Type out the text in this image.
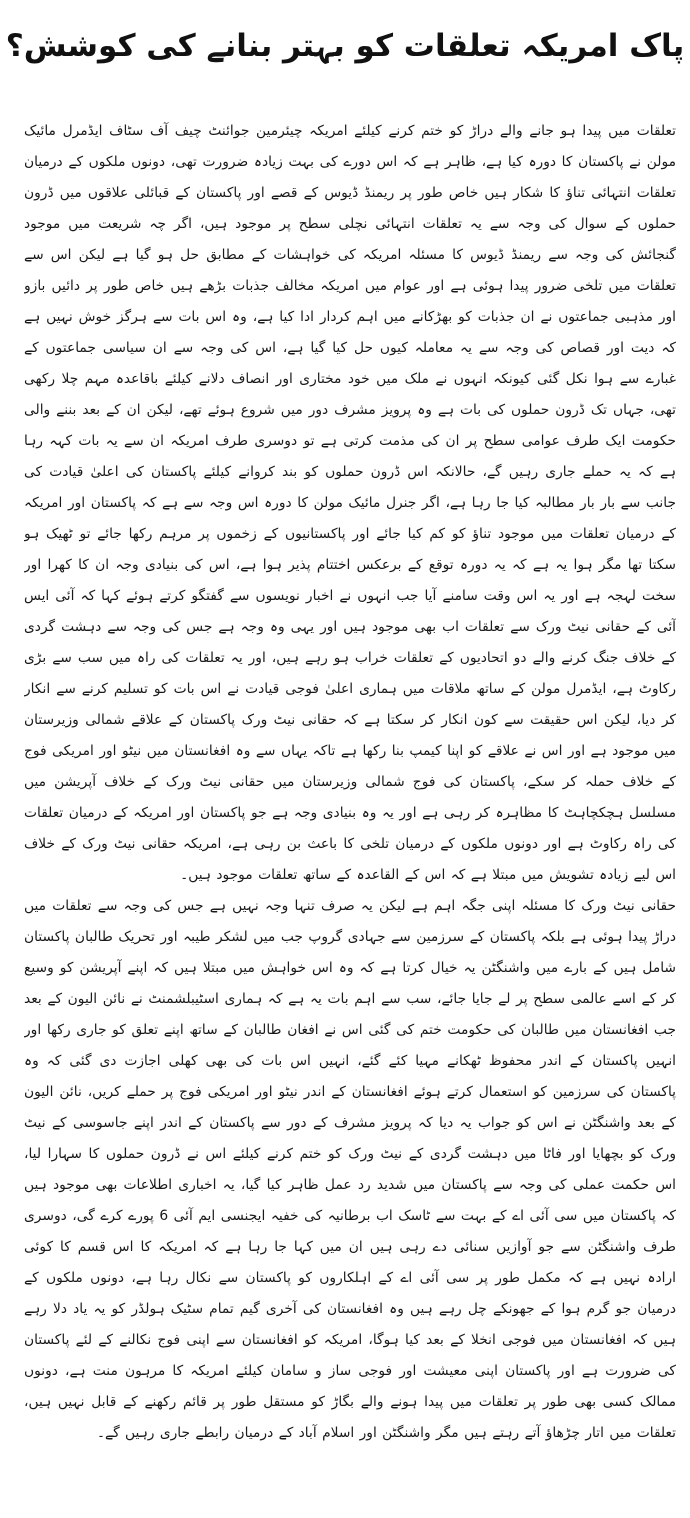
پاک امریکہ تعلقات کو بہتر بنانے کی کوشش؟

تعلقات میں پیدا ہو جانے والے دراڑ کو ختم کرنے کیلئے امریکہ چیئرمین جوائنٹ چیف آف سٹاف ایڈمرل مائیک مولن نے پاکستان کا دورہ کیا ہے، ظاہر ہے کہ اس دورے کی بہت زیادہ ضرورت تھی، دونوں ملکوں کے درمیان تعلقات انتہائی تناؤ کا شکار ہیں خاص طور پر ریمنڈ ڈیوس کے قصے اور پاکستان کے قبائلی علاقوں میں ڈرون حملوں کے سوال کی وجہ سے یہ تعلقات انتہائی نچلی سطح پر موجود ہیں، اگر چہ شریعت میں موجود گنجائش کی وجہ سے ریمنڈ ڈیوس کا مسئلہ امریکہ کی خواہشات کے مطابق حل ہو گیا ہے لیکن اس سے تعلقات میں تلخی ضرور پیدا ہوئی ہے اور عوام میں امریکہ مخالف جذبات بڑھے ہیں خاص طور پر دائیں بازو اور مذہبی جماعتوں نے ان جذبات کو بھڑکانے میں اہم کردار ادا کیا ہے، وہ اس بات سے ہرگز خوش نہیں ہے کہ دیت اور قصاص کی وجہ سے یہ معاملہ کیوں حل کیا گیا ہے، اس کی وجہ سے ان سیاسی جماعتوں کے غبارے سے ہوا نکل گئی کیونکہ انہوں نے ملک میں خود مختاری اور انصاف دلانے کیلئے باقاعدہ مہم چلا رکھی تھی، جہاں تک ڈرون حملوں کی بات ہے وہ پرویز مشرف دور میں شروع ہوئے تھے، لیکن ان کے بعد بننے والی حکومت ایک طرف عوامی سطح پر ان کی مذمت کرتی ہے تو دوسری طرف امریکہ ان سے یہ بات کہہ رہا ہے کہ یہ حملے جاری رہیں گے، حالانکہ اس ڈرون حملوں کو بند کروانے کیلئے پاکستان کی اعلیٰ قیادت کی جانب سے بار بار مطالبہ کیا جا رہا ہے، اگر جنرل مائیک مولن کا دورہ اس وجہ سے ہے کہ پاکستان اور امریکہ کے درمیان تعلقات میں موجود تناؤ کو کم کیا جائے اور پاکستانیوں کے زخموں پر مرہم رکھا جائے تو ٹھیک ہو سکتا تھا مگر ہوا یہ ہے کہ یہ دورہ توقع کے برعکس اختتام پذیر ہوا ہے، اس کی بنیادی وجہ ان کا کھرا اور سخت لہجہ ہے اور یہ اس وقت سامنے آیا جب انہوں نے اخبار نویسوں سے گفتگو کرتے ہوئے کہا کہ آئی ایس آئی کے حقانی نیٹ ورک سے تعلقات اب بھی موجود ہیں اور یہی وہ وجہ ہے جس کی وجہ سے دہشت گردی کے خلاف جنگ کرنے والے دو اتحادیوں کے تعلقات خراب ہو رہے ہیں، اور یہ تعلقات کی راہ میں سب سے بڑی رکاوٹ ہے، ایڈمرل مولن کے ساتھ ملاقات میں ہماری اعلیٰ فوجی قیادت نے اس بات کو تسلیم کرنے سے انکار کر دیا، لیکن اس حقیقت سے کون انکار کر سکتا ہے کہ حقانی نیٹ ورک پاکستان کے علاقے شمالی وزیرستان میں موجود ہے اور اس نے علاقے کو اپنا کیمپ بنا رکھا ہے تاکہ یہاں سے وہ افغانستان میں نیٹو اور امریکی فوج کے خلاف حملہ کر سکے، پاکستان کی فوج شمالی وزیرستان میں حقانی نیٹ ورک کے خلاف آپریشن میں مسلسل ہچکچاہٹ کا مظاہرہ کر رہی ہے اور یہ وہ بنیادی وجہ ہے جو پاکستان اور امریکہ کے درمیان تعلقات کی راہ رکاوٹ ہے اور دونوں ملکوں کے درمیان تلخی کا باعث بن رہی ہے، امریکہ حقانی نیٹ ورک کے خلاف اس لیے زیادہ تشویش میں مبتلا ہے کہ اس کے القاعدہ کے ساتھ تعلقات موجود ہیں۔

حقانی نیٹ ورک کا مسئلہ اپنی جگہ اہم ہے لیکن یہ صرف تنہا وجہ نہیں ہے جس کی وجہ سے تعلقات میں دراڑ پیدا ہوئی ہے بلکہ پاکستان کے سرزمین سے جہادی گروپ جب میں لشکر طیبہ اور تحریک طالبان پاکستان شامل ہیں کے بارے میں واشنگٹن یہ خیال کرتا ہے کہ وہ اس خواہش میں مبتلا ہیں کہ اپنے آپریشن کو وسیع کر کے اسے عالمی سطح پر لے جایا جائے، سب سے اہم بات یہ ہے کہ ہماری اسٹیبلشمنٹ نے نائن الیون کے بعد جب افغانستان میں طالبان کی حکومت ختم کی گئی اس نے افغان طالبان کے ساتھ اپنے تعلق کو جاری رکھا اور انہیں پاکستان کے اندر محفوظ ٹھکانے مہیا کئے گئے، انہیں اس بات کی بھی کھلی اجازت دی گئی کہ وہ پاکستان کی سرزمین کو استعمال کرتے ہوئے افغانستان کے اندر نیٹو اور امریکی فوج پر حملے کریں، نائن الیون کے بعد واشنگٹن نے اس کو جواب یہ دیا کہ پرویز مشرف کے دور سے پاکستان کے اندر اپنے جاسوسی کے نیٹ ورک کو بچھایا اور فاٹا میں دہشت گردی کے نیٹ ورک کو ختم کرنے کیلئے اس نے ڈرون حملوں کا سہارا لیا، اس حکمت عملی کی وجہ سے پاکستان میں شدید رد عمل ظاہر کیا گیا، یہ اخباری اطلاعات بھی موجود ہیں کہ پاکستان میں سی آئی اے کے بہت سے ٹاسک اب برطانیہ کی خفیہ ایجنسی ایم آئی 6 پورے کرے گی، دوسری طرف واشنگٹن سے جو آوازیں سنائی دے رہی ہیں ان میں کہا جا رہا ہے کہ امریکہ کا اس قسم کا کوئی ارادہ نہیں ہے کہ مکمل طور پر سی آئی اے کے اہلکاروں کو پاکستان سے نکال رہا ہے، دونوں ملکوں کے درمیان جو گرم ہوا کے جھونکے چل رہے ہیں وہ افغانستان کی آخری گیم تمام سٹیک ہولڈر کو یہ یاد دلا رہے ہیں کہ افغانستان میں فوجی انخلا کے بعد کیا ہوگا، امریکہ کو افغانستان سے اپنی فوج نکالنے کے لئے پاکستان کی ضرورت ہے اور پاکستان اپنی معیشت اور فوجی ساز و سامان کیلئے امریکہ کا مرہون منت ہے، دونوں ممالک کسی بھی طور پر تعلقات میں پیدا ہونے والے بگاڑ کو مستقل طور پر قائم رکھنے کے قابل نہیں ہیں، تعلقات میں اتار چڑھاؤ آتے رہتے ہیں مگر واشنگٹن اور اسلام آباد کے درمیان رابطے جاری رہیں گے۔
